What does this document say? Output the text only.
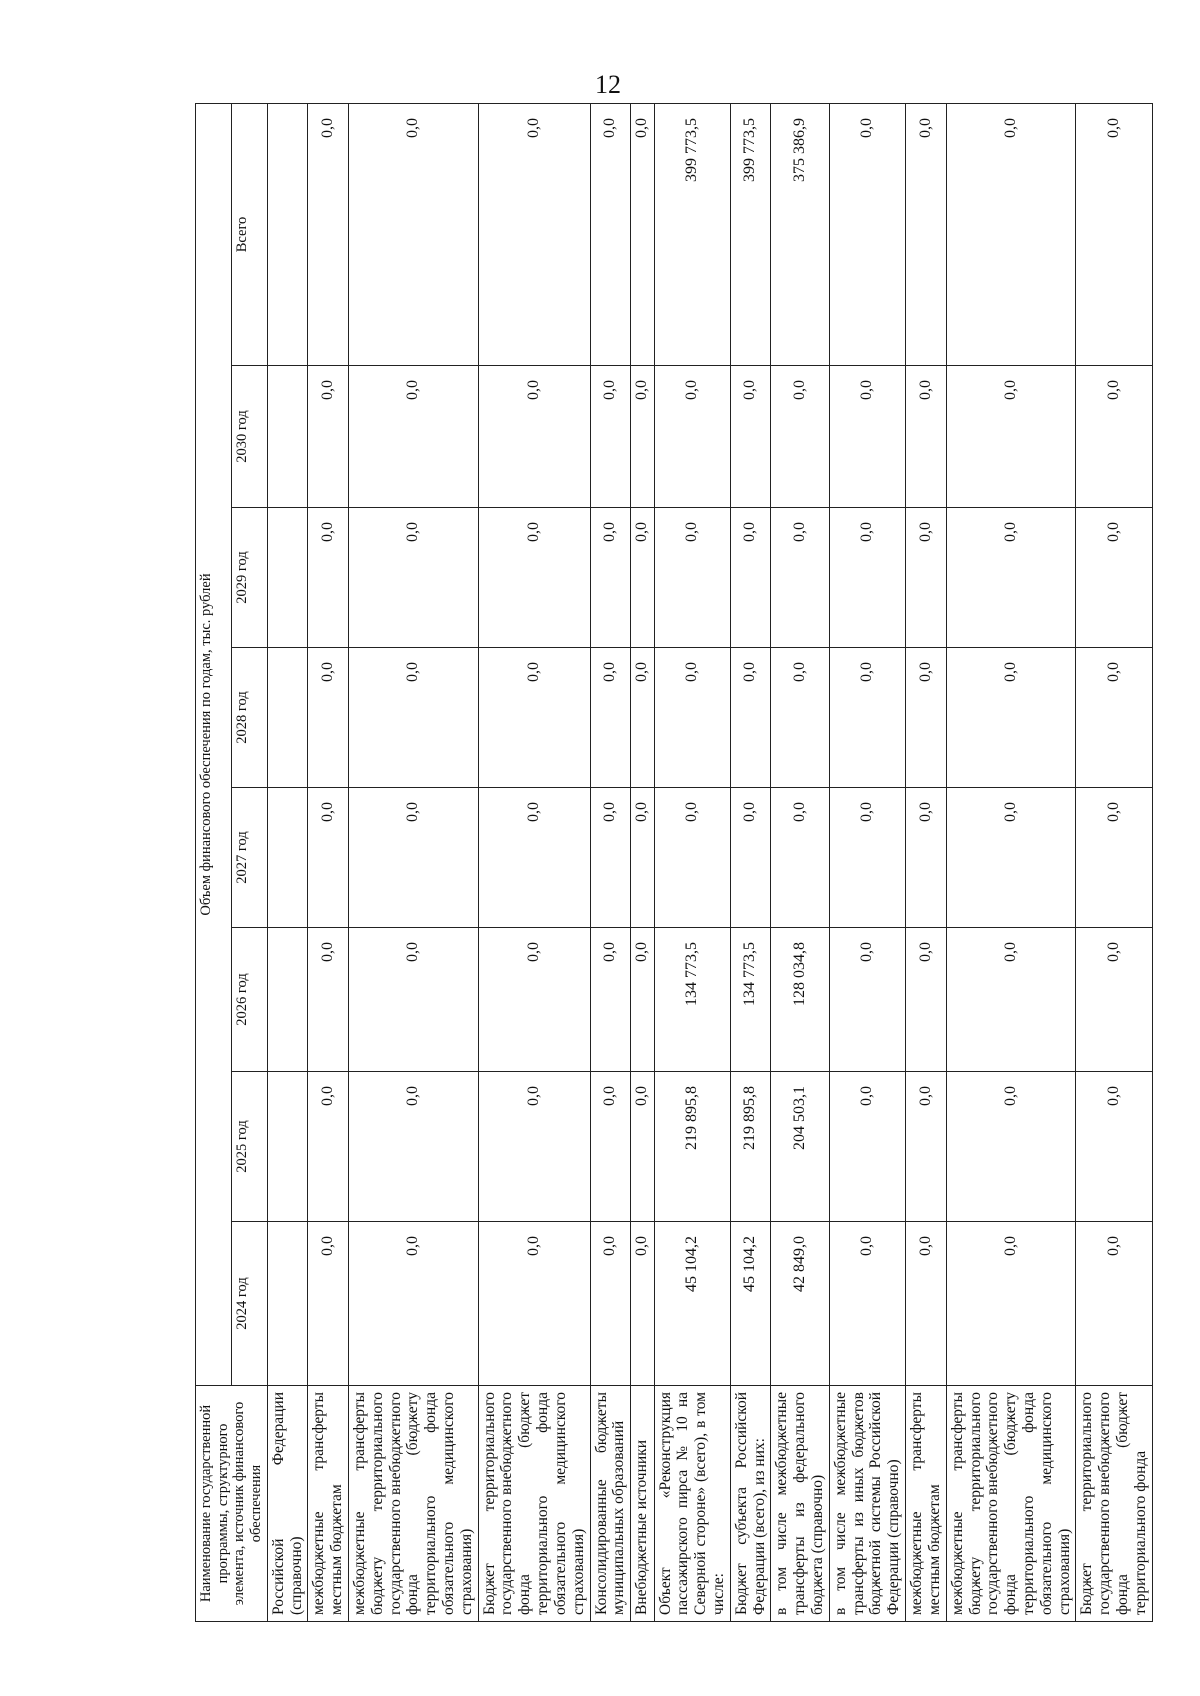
12
Наименование государственной программы, структурного элемента, источник финансового обеспечения	Объем финансового обеспечения по годам, тыс. рублей							
	2024 год	2025 год	2026 год	2027 год	2028 год	2029 год	2030 год	Всего
Российской Федерации (справочно)								
межбюджетные трансферты местным бюджетам	0,0	0,0	0,0	0,0	0,0	0,0	0,0	0,0
межбюджетные трансферты бюджету территориального государственного внебюджетного фонда (бюджету территориального фонда обязательного медицинского страхования)	0,0	0,0	0,0	0,0	0,0	0,0	0,0	0,0
Бюджет территориального государственного внебюджетного фонда (бюджет территориального фонда обязательного медицинского страхования)	0,0	0,0	0,0	0,0	0,0	0,0	0,0	0,0
Консолидированные бюджеты муниципальных образований	0,0	0,0	0,0	0,0	0,0	0,0	0,0	0,0
Внебюджетные источники	0,0	0,0	0,0	0,0	0,0	0,0	0,0	0,0
Объект «Реконструкция пассажирского пирса № 10 на Северной стороне» (всего), в том числе:	45 104,2	219 895,8	134 773,5	0,0	0,0	0,0	0,0	399 773,5
Бюджет субъекта Российской Федерации (всего), из них:	45 104,2	219 895,8	134 773,5	0,0	0,0	0,0	0,0	399 773,5
в том числе межбюджетные трансферты из федерального бюджета (справочно)	42 849,0	204 503,1	128 034,8	0,0	0,0	0,0	0,0	375 386,9
в том числе межбюджетные трансферты из иных бюджетов бюджетной системы Российской Федерации (справочно)	0,0	0,0	0,0	0,0	0,0	0,0	0,0	0,0
межбюджетные трансферты местным бюджетам	0,0	0,0	0,0	0,0	0,0	0,0	0,0	0,0
межбюджетные трансферты бюджету территориального государственного внебюджетного фонда (бюджету территориального фонда обязательного медицинского страхования)	0,0	0,0	0,0	0,0	0,0	0,0	0,0	0,0
Бюджет территориального государственного внебюджетного фонда (бюджет территориального фонда	0,0	0,0	0,0	0,0	0,0	0,0	0,0	0,0
